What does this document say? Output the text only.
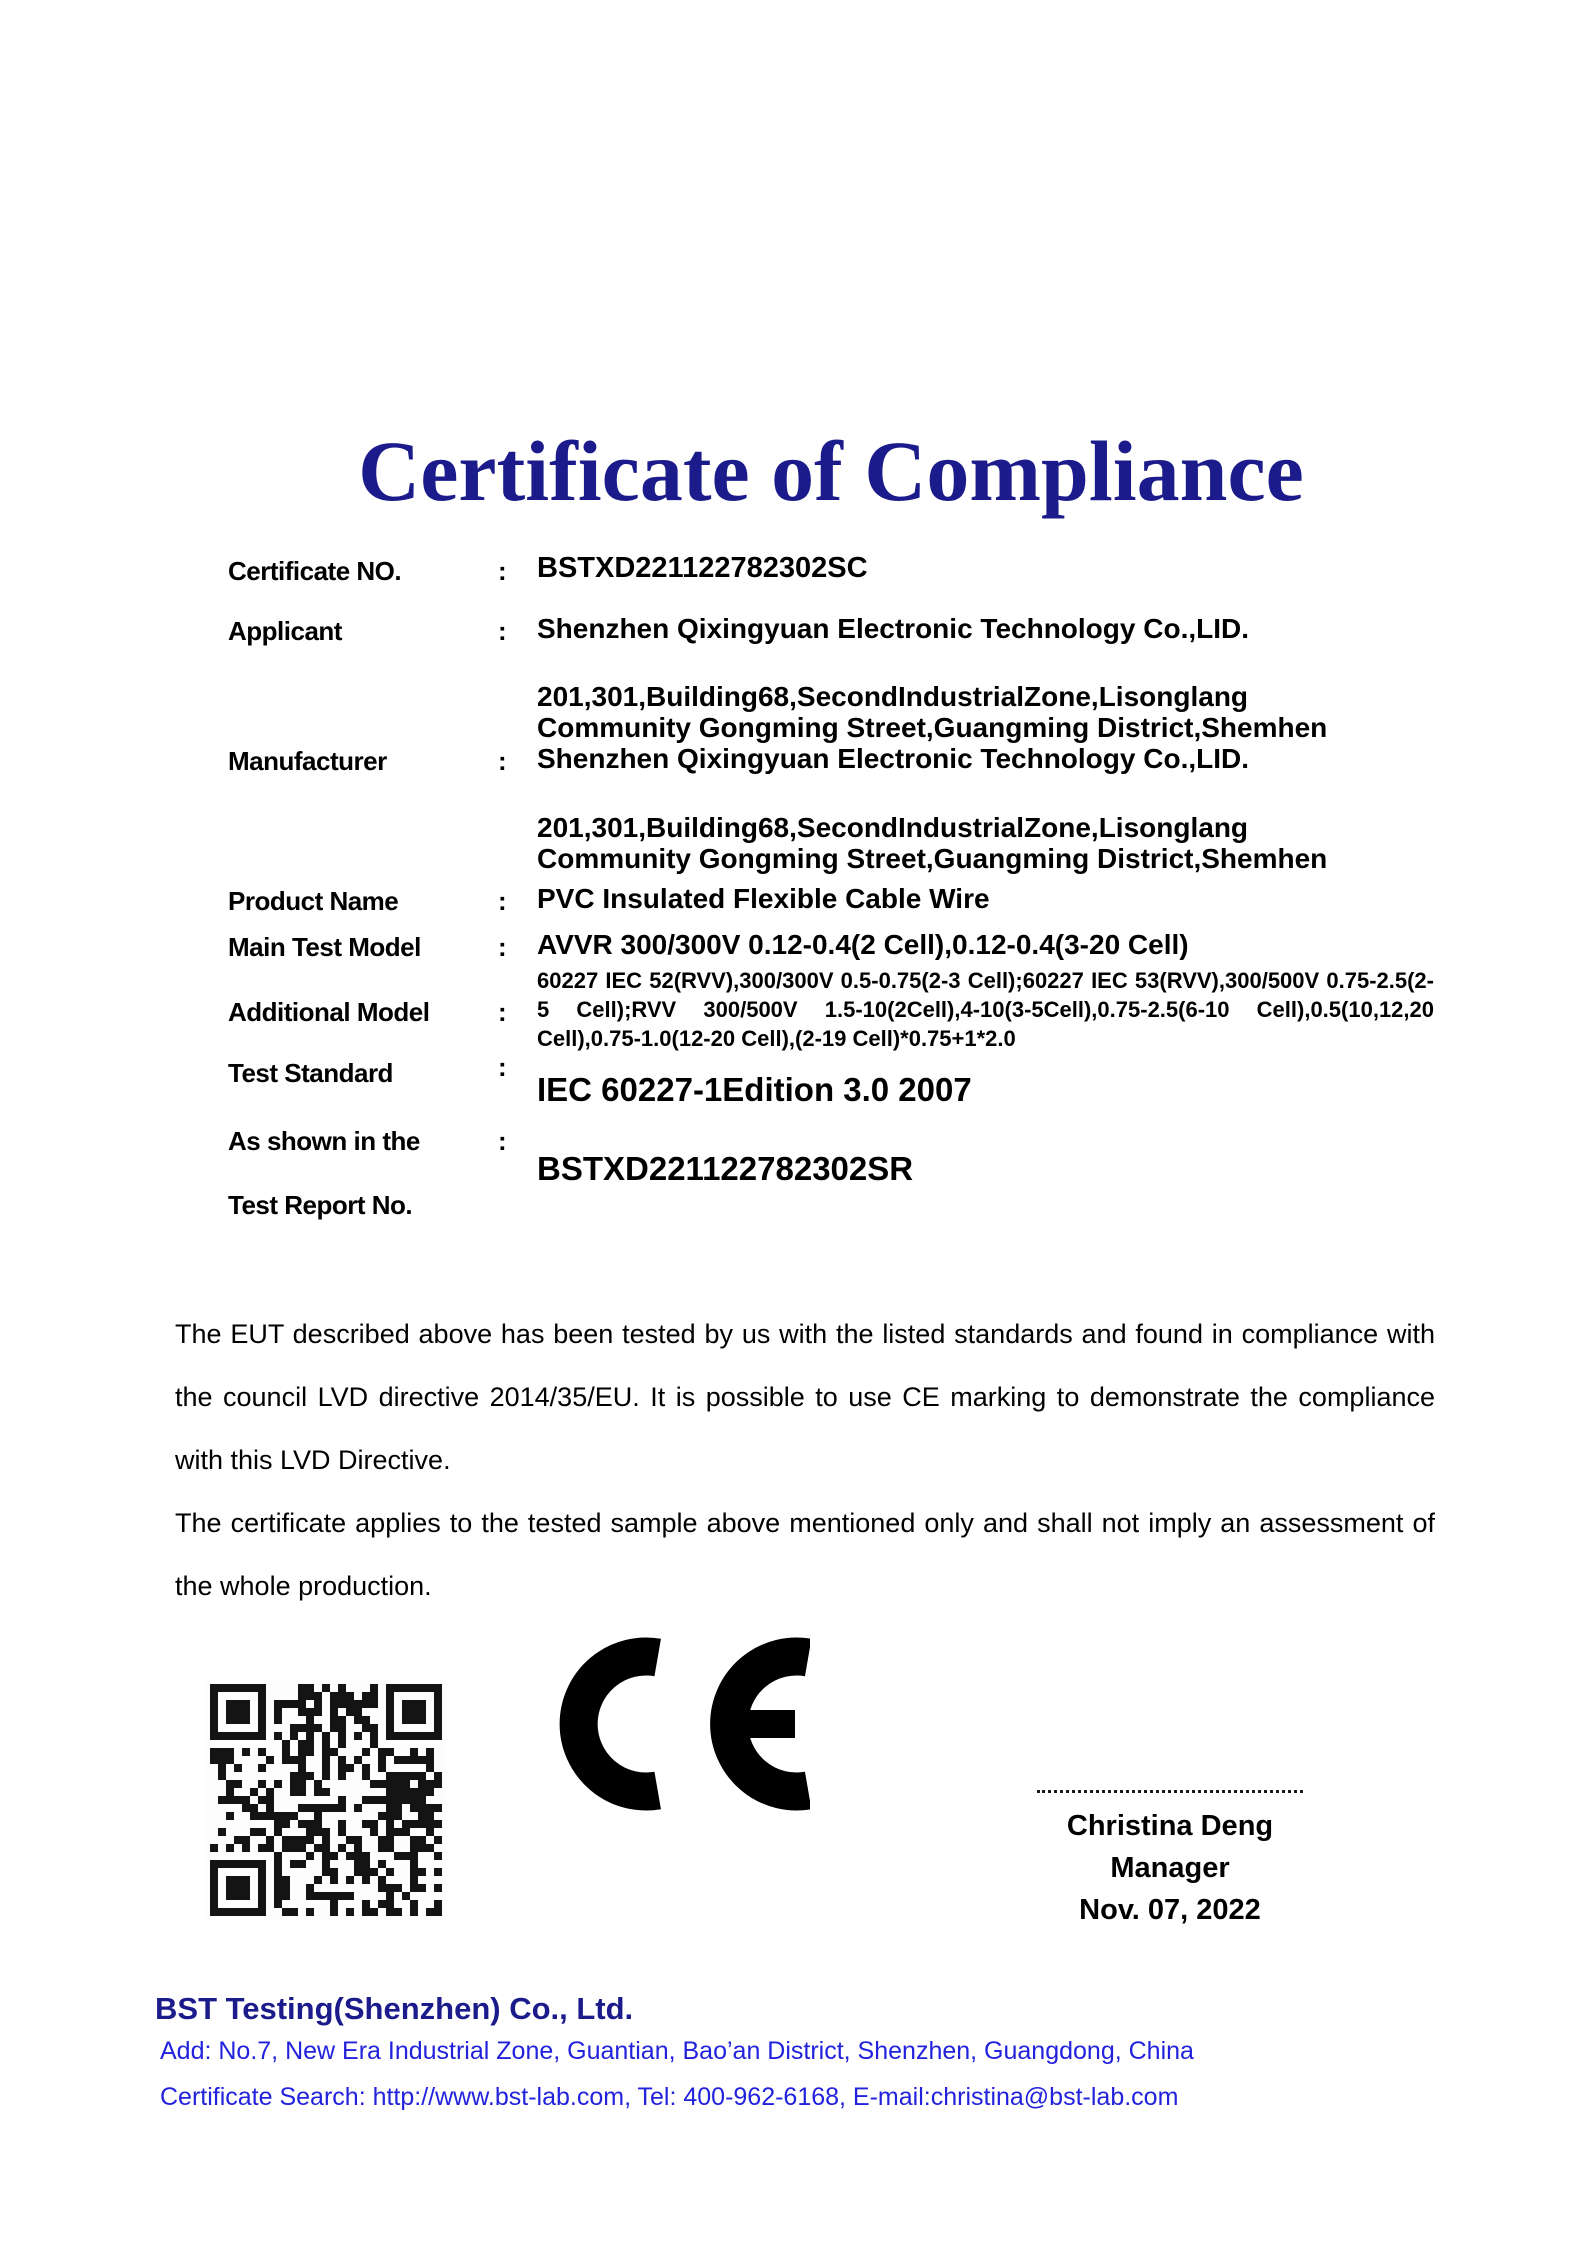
Certificate of Compliance
Certificate NO.	:	BSTXD221122782302SC
Applicant	:	Shenzhen Qixingyuan Electronic Technology Co.,LID.
201,301,Building68,SecondIndustrialZone,Lisonglang
Community Gongming Street,Guangming District,Shemhen
Manufacturer	:	Shenzhen Qixingyuan Electronic Technology Co.,LID.
201,301,Building68,SecondIndustrialZone,Lisonglang
Community Gongming Street,Guangming District,Shemhen
Product Name	:	PVC Insulated Flexible Cable Wire
Main Test Model	:	AVVR 300/300V 0.12-0.4(2 Cell),0.12-0.4(3-20 Cell)
Additional Model	:
60227 IEC 52(RVV),300/300V 0.5-0.75(2-3 Cell);60227 IEC 53(RVV),300/500V 0.75-2.5(2-5 Cell);RVV 300/500V 1.5-10(2Cell),4-10(3-5Cell),0.75-2.5(6-10 Cell),0.5(10,12,20 Cell),0.75-1.0(12-20 Cell),(2-19 Cell)*0.75+1*2.0
Test Standard	:
IEC 60227-1Edition 3.0 2007
As shown in the	:
BSTXD221122782302SR
Test Report No.

The EUT described above has been tested by us with the listed standards and found in compliance with the council LVD directive 2014/35/EU. It is possible to use CE marking to demonstrate the compliance with this LVD Directive.

The certificate applies to the tested sample above mentioned only and shall not imply an assessment of the whole production.

Christina Deng
Manager
Nov. 07, 2022
BST Testing(Shenzhen) Co., Ltd.
Add: No.7, New Era Industrial Zone, Guantian, Bao’an District, Shenzhen, Guangdong, China
Certificate Search: http://www.bst-lab.com, Tel: 400-962-6168, E-mail:christina@bst-lab.com
